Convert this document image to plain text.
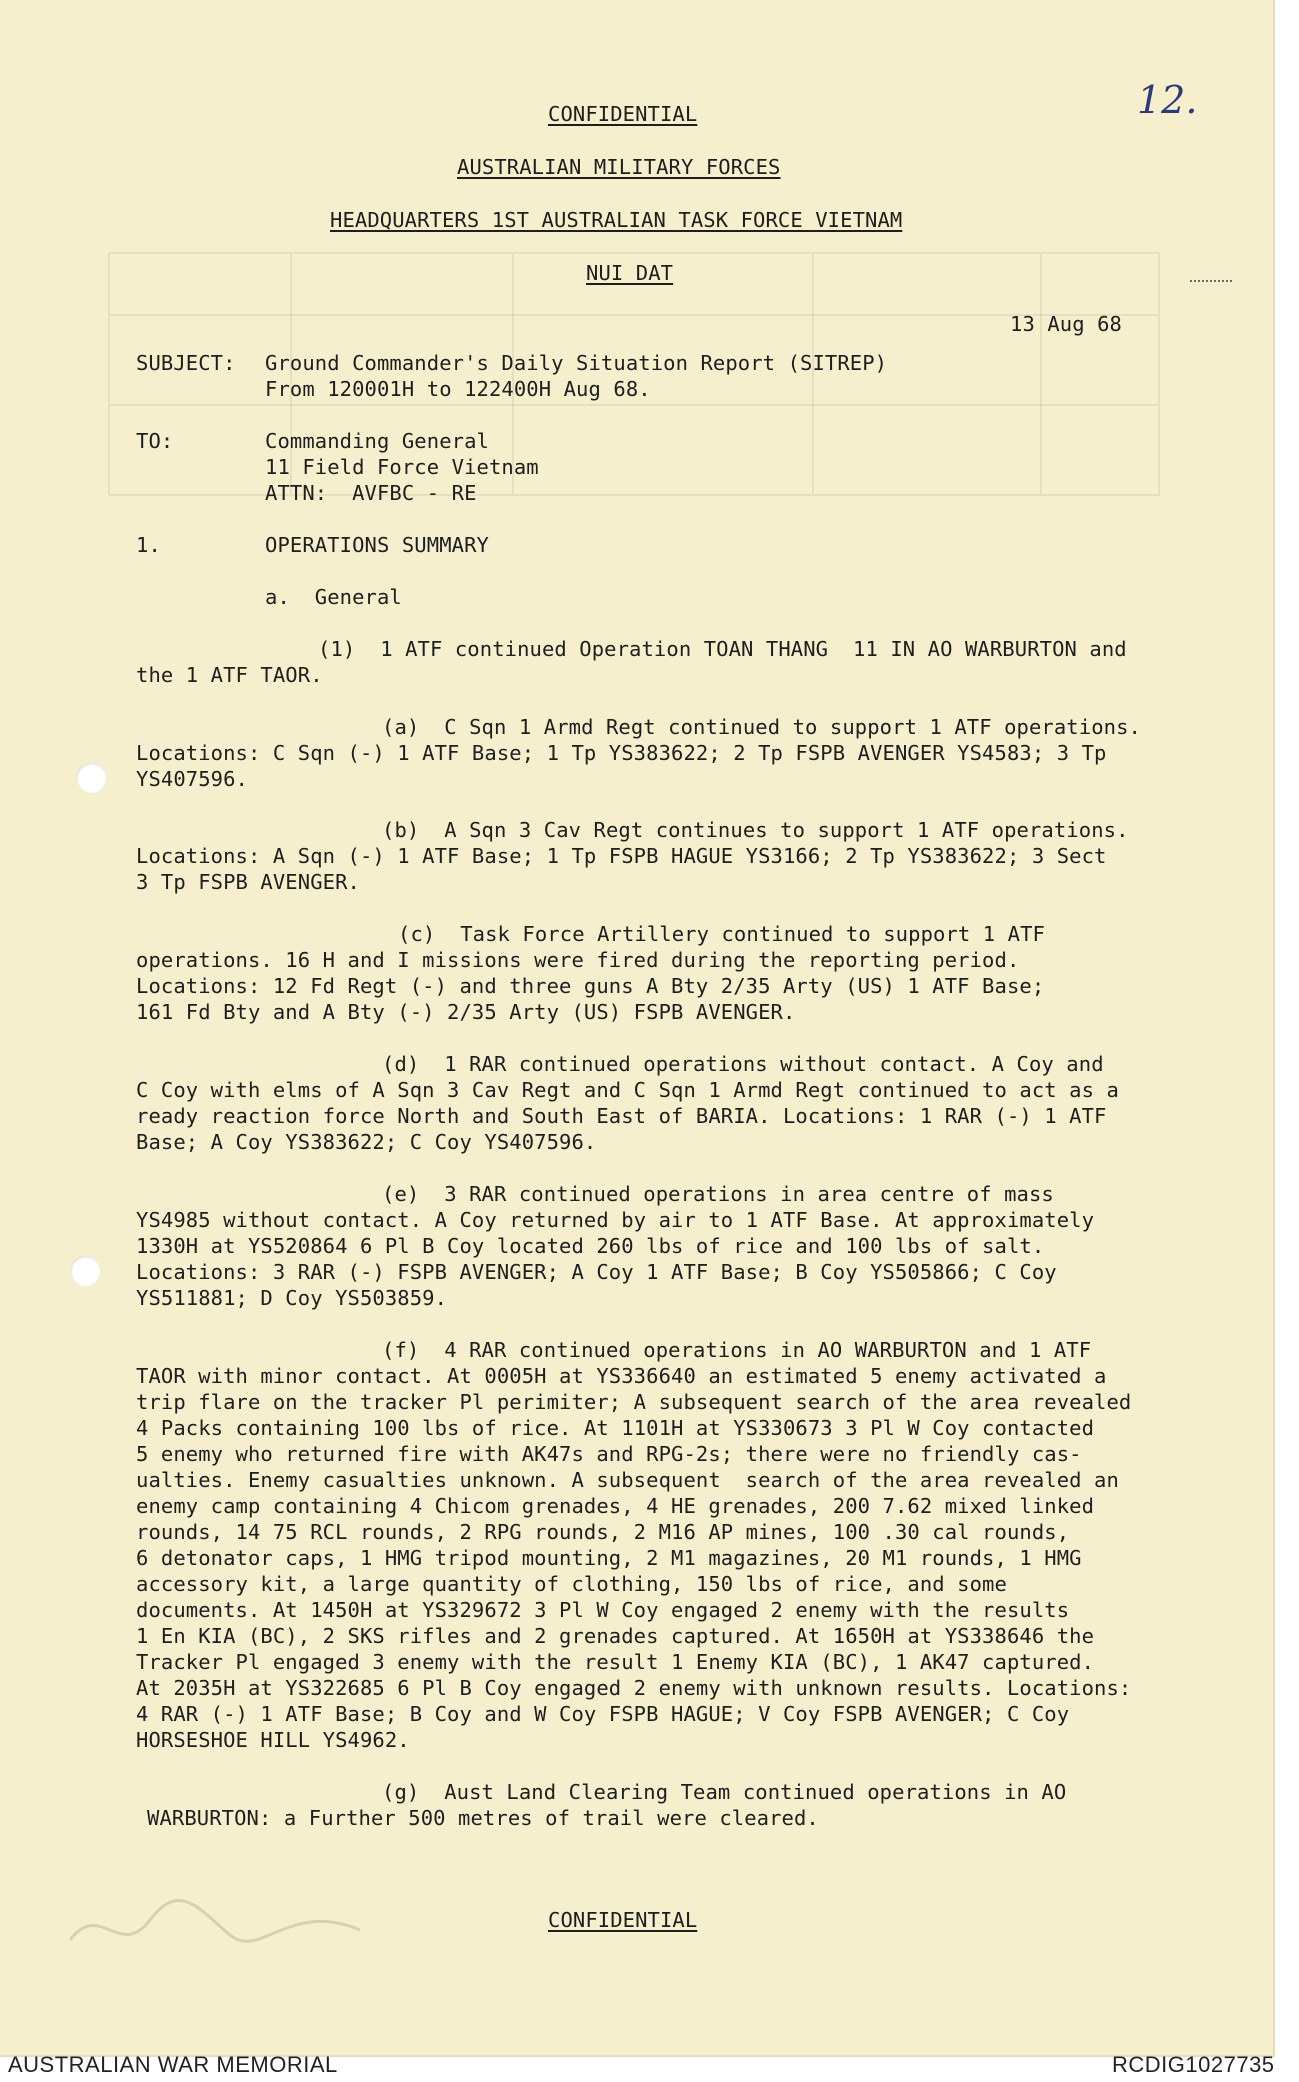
12.
CONFIDENTIAL
AUSTRALIAN MILITARY FORCES
HEADQUARTERS 1ST AUSTRALIAN TASK FORCE VIETNAM
NUI DAT
13 Aug 68
SUBJECT: Ground Commander's Daily Situation Report (SITREP)
From 120001H to 122400H Aug 68.
TO:	Commanding General
11 Field Force Vietnam
ATTN:  AVFBC - RE
1.	OPERATIONS SUMMARY
a.  General
(1)  1 ATF continued Operation TOAN THANG  11 IN AO WARBURTON and
the 1 ATF TAOR.
(a)  C Sqn 1 Armd Regt continued to support 1 ATF operations.
Locations: C Sqn (-) 1 ATF Base; 1 Tp YS383622; 2 Tp FSPB AVENGER YS4583; 3 Tp
YS407596.
(b)  A Sqn 3 Cav Regt continues to support 1 ATF operations.
Locations: A Sqn (-) 1 ATF Base; 1 Tp FSPB HAGUE YS3166; 2 Tp YS383622; 3 Sect
3 Tp FSPB AVENGER.
(c)  Task Force Artillery continued to support 1 ATF
operations. 16 H and I missions were fired during the reporting period.
Locations: 12 Fd Regt (-) and three guns A Bty 2/35 Arty (US) 1 ATF Base;
161 Fd Bty and A Bty (-) 2/35 Arty (US) FSPB AVENGER.
(d)  1 RAR continued operations without contact. A Coy and
C Coy with elms of A Sqn 3 Cav Regt and C Sqn 1 Armd Regt continued to act as a
ready reaction force North and South East of BARIA. Locations: 1 RAR (-) 1 ATF
Base; A Coy YS383622; C Coy YS407596.
(e)  3 RAR continued operations in area centre of mass
YS4985 without contact. A Coy returned by air to 1 ATF Base. At approximately
1330H at YS520864 6 Pl B Coy located 260 lbs of rice and 100 lbs of salt.
Locations: 3 RAR (-) FSPB AVENGER; A Coy 1 ATF Base; B Coy YS505866; C Coy
YS511881; D Coy YS503859.
(f)  4 RAR continued operations in AO WARBURTON and 1 ATF
TAOR with minor contact. At 0005H at YS336640 an estimated 5 enemy activated a
trip flare on the tracker Pl perimiter; A subsequent search of the area revealed
4 Packs containing 100 lbs of rice. At 1101H at YS330673 3 Pl W Coy contacted
5 enemy who returned fire with AK47s and RPG-2s; there were no friendly cas-
ualties. Enemy casualties unknown. A subsequent  search of the area revealed an
enemy camp containing 4 Chicom grenades, 4 HE grenades, 200 7.62 mixed linked
rounds, 14 75 RCL rounds, 2 RPG rounds, 2 M16 AP mines, 100 .30 cal rounds,
6 detonator caps, 1 HMG tripod mounting, 2 M1 magazines, 20 M1 rounds, 1 HMG
accessory kit, a large quantity of clothing, 150 lbs of rice, and some
documents. At 1450H at YS329672 3 Pl W Coy engaged 2 enemy with the results
1 En KIA (BC), 2 SKS rifles and 2 grenades captured. At 1650H at YS338646 the
Tracker Pl engaged 3 enemy with the result 1 Enemy KIA (BC), 1 AK47 captured.
At 2035H at YS322685 6 Pl B Coy engaged 2 enemy with unknown results. Locations:
4 RAR (-) 1 ATF Base; B Coy and W Coy FSPB HAGUE; V Coy FSPB AVENGER; C Coy
HORSESHOE HILL YS4962.
(g)  Aust Land Clearing Team continued operations in AO
WARBURTON: a Further 500 metres of trail were cleared.
CONFIDENTIAL
AUSTRALIAN WAR MEMORIAL	RCDIG1027735
